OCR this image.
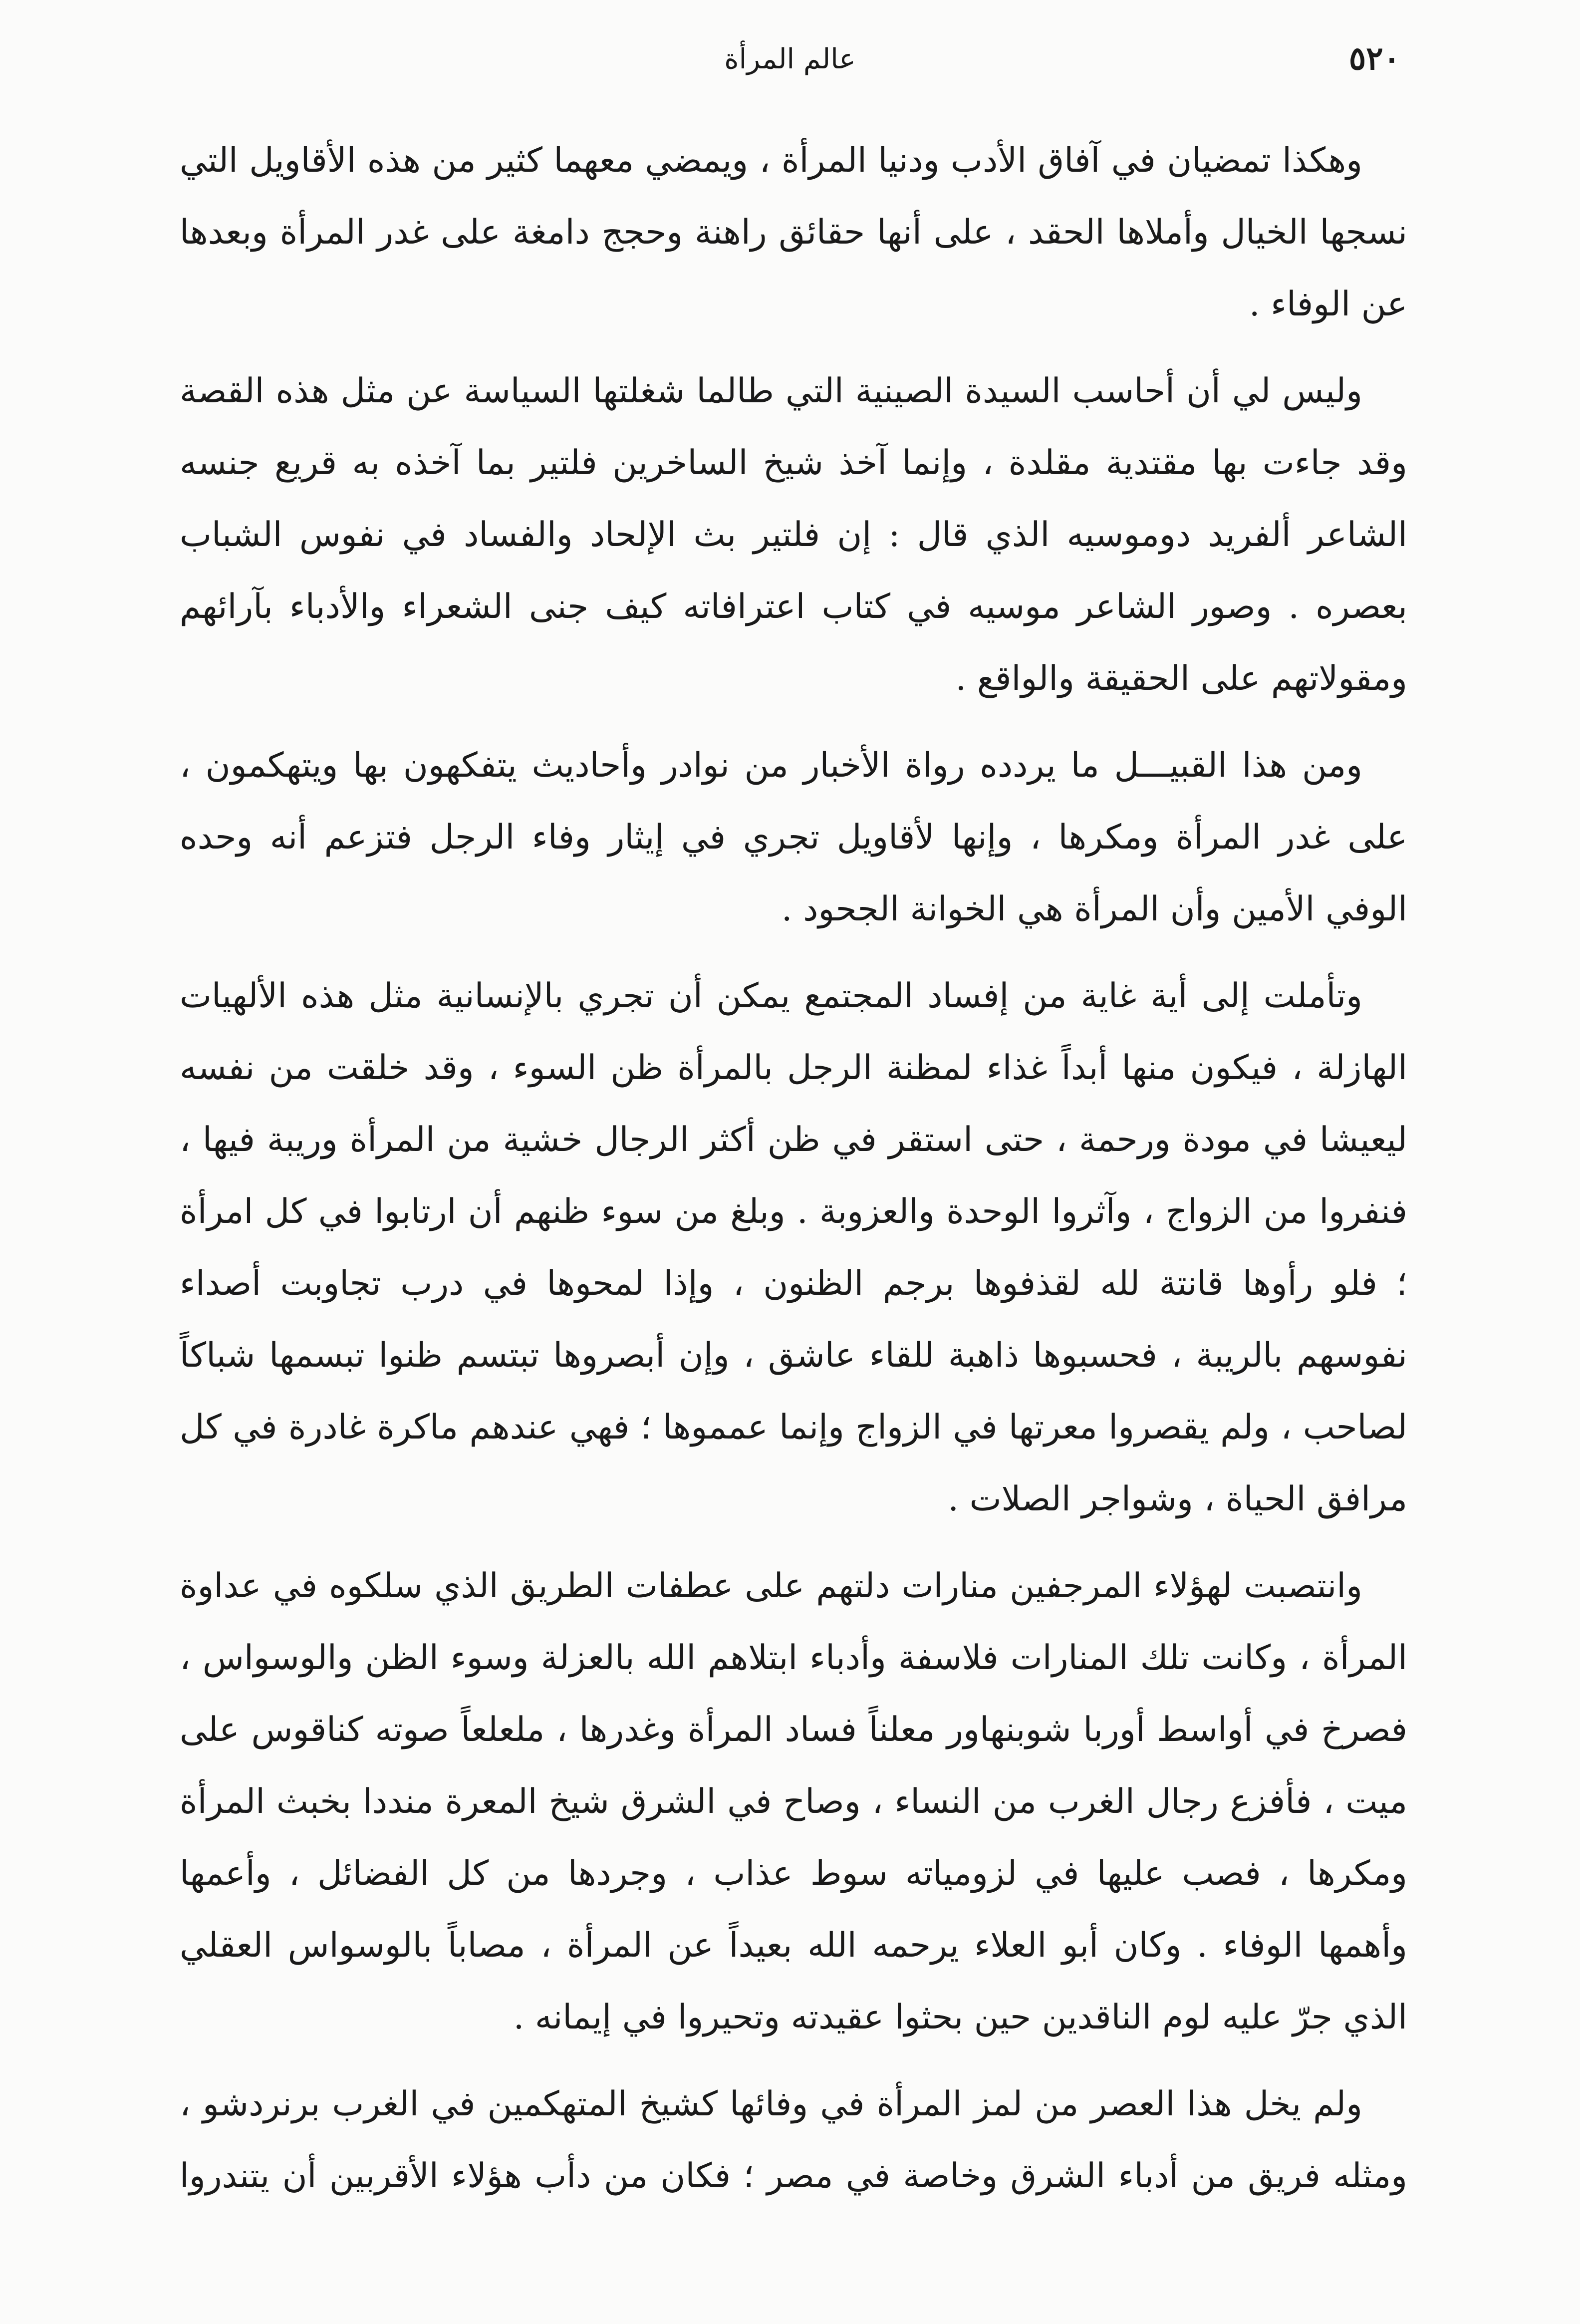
٥٢٠
عالم المرأة

وهكذا تمضيان في آفاق الأدب ودنيا المرأة ، ويمضي معهما كثير من هذه الأقاويل التي نسجها الخيال وأملاها الحقد ، على أنها حقائق راهنة وحجج دامغة على غدر المرأة وبعدها عن الوفاء .

وليس لي أن أحاسب السيدة الصينية التي طالما شغلتها السياسة عن مثل هذه القصة وقد جاءت بها مقتدية مقلدة ، وإنما آخذ شيخ الساخرين فلتير بما آخذه به قريع جنسه الشاعر ألفريد دوموسيه الذي قال : إن فلتير بث الإلحاد والفساد في نفوس الشباب بعصره . وصور الشاعر موسيه في كتاب اعترافاته كيف جنى الشعراء والأدباء بآرائهم ومقولاتهم على الحقيقة والواقع .

ومن هذا القبيـــل ما يردده رواة الأخبار من نوادر وأحاديث يتفكهون بها ويتهكمون ، على غدر المرأة ومكرها ، وإنها لأقاويل تجري في إيثار وفاء الرجل فتزعم أنه وحده الوفي الأمين وأن المرأة هي الخوانة الجحود .

وتأملت إلى أية غاية من إفساد المجتمع يمكن أن تجري بالإنسانية مثل هذه الألهيات الهازلة ، فيكون منها أبداً غذاء لمظنة الرجل بالمرأة ظن السوء ، وقد خلقت من نفسه ليعيشا في مودة ورحمة ، حتى استقر في ظن أكثر الرجال خشية من المرأة وريبة فيها ، فنفروا من الزواج ، وآثروا الوحدة والعزوبة . وبلغ من سوء ظنهم أن ارتابوا في كل امرأة ؛ فلو رأوها قانتة لله لقذفوها برجم الظنون ، وإذا لمحوها في درب تجاوبت أصداء نفوسهم بالريبة ، فحسبوها ذاهبة للقاء عاشق ، وإن أبصروها تبتسم ظنوا تبسمها شباكاً لصاحب ، ولم يقصروا معرتها في الزواج وإنما عمموها ؛ فهي عندهم ماكرة غادرة في كل مرافق الحياة ، وشواجر الصلات .

وانتصبت لهؤلاء المرجفين منارات دلتهم على عطفات الطريق الذي سلكوه في عداوة المرأة ، وكانت تلك المنارات فلاسفة وأدباء ابتلاهم الله بالعزلة وسوء الظن والوسواس ، فصرخ في أواسط أوربا شوبنهاور معلناً فساد المرأة وغدرها ، ملعلعاً صوته كناقوس على ميت ، فأفزع رجال الغرب من النساء ، وصاح في الشرق شيخ المعرة منددا بخبث المرأة ومكرها ، فصب عليها في لزومياته سوط عذاب ، وجردها من كل الفضائل ، وأعمها وأهمها الوفاء . وكان أبو العلاء يرحمه الله بعيداً عن المرأة ، مصاباً بالوسواس العقلي الذي جرّ عليه لوم الناقدين حين بحثوا عقيدته وتحيروا في إيمانه .

ولم يخل هذا العصر من لمز المرأة في وفائها كشيخ المتهكمين في الغرب برنردشو ، ومثله فريق من أدباء الشرق وخاصة في مصر ؛ فكان من دأب هؤلاء الأقربين أن يتندروا
